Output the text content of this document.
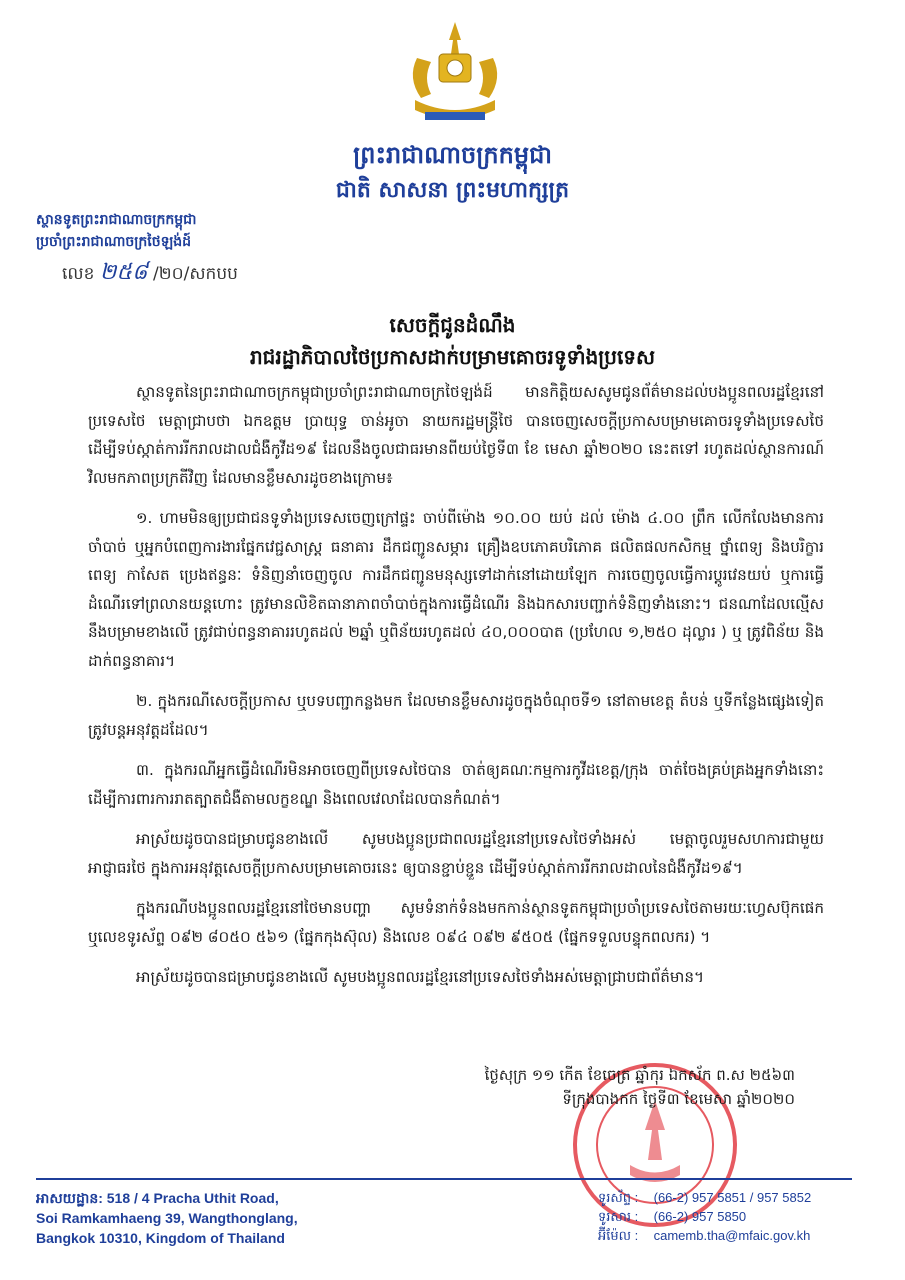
ព្រះរាជាណាចក្រកម្ពុជា
ជាតិ សាសនា ព្រះមហាក្សត្រ
ស្ថានទូតព្រះរាជាណាចក្រកម្ពុជា
ប្រចាំព្រះរាជាណាចក្រថៃឡង់ដ៍
លេខ ២៥៨ /២០/សកបប
សេចក្តីជូនដំណឹង
រាជរដ្ឋាភិបាលថៃប្រកាសដាក់បម្រាមគោចរទូទាំងប្រទេស

ស្ថានទូតនៃព្រះរាជាណាចក្រកម្ពុជាប្រចាំព្រះរាជាណាចក្រថៃឡង់ដ៍ មានកិត្តិយសសូមជូនព័ត៌មានដល់បងប្អូនពលរដ្ឋខ្មែរនៅប្រទេសថៃ មេត្តាជ្រាបថា ឯកឧត្តម ប្រាយុទ្ធ ចាន់អូចា នាយករដ្ឋមន្ត្រីថៃ បានចេញសេចក្តីប្រកាសបម្រាមគោចរទូទាំងប្រទេសថៃ ដើម្បីទប់ស្កាត់ការរីករាលដាលជំងឺកូវីដ១៩ ដែលនឹងចូលជាធរមានពីយប់ថ្ងៃទី៣ ខែ មេសា ឆ្នាំ២០២០ នេះតទៅ រហូតដល់ស្ថានការណ៍វិលមកភាពប្រក្រតីវិញ ដែលមានខ្លឹមសារដូចខាងក្រោម៖

១. ហាមមិនឲ្យប្រជាជនទូទាំងប្រទេសចេញក្រៅផ្ទះ ចាប់ពីម៉ោង ១០.០០ យប់ ដល់ ម៉ោង ៤.០០ ព្រឹក លើកលែងមានការចាំបាច់ ឬអ្នកបំពេញការងារផ្នែកវេជ្ជសាស្ត្រ ធនាគារ ដឹកជញ្ជូនសម្ភារ គ្រឿងឧបភោគបរិភោគ ផលិតផលកសិកម្ម ថ្នាំពេទ្យ និងបរិក្ខារពេទ្យ កាសែត ប្រេងឥន្ធនៈ ទំនិញនាំចេញចូល ការដឹកជញ្ជូនមនុស្សទៅដាក់នៅដោយឡែក ការចេញចូលធ្វើការប្តូរវេនយប់ ឬការធ្វើដំណើរទៅព្រលានយន្តហោះ ត្រូវមានលិខិតធានាភាពចាំបាច់ក្នុងការធ្វើដំណើរ និងឯកសារបញ្ជាក់ទំនិញទាំងនោះ។ ជនណាដែលល្មើសនឹងបម្រាមខាងលើ ត្រូវជាប់ពន្ធនាគាររហូតដល់ ២ឆ្នាំ ឬពិន័យរហូតដល់ ៤០,០០០បាត (ប្រហែល ១,២៥០ ដុល្លារ ) ឬ ត្រូវពិន័យ និងដាក់ពន្ធនាគារ។

២. ក្នុងករណីសេចក្តីប្រកាស ឬបទបញ្ជាកន្លងមក ដែលមានខ្លឹមសារដូចក្នុងចំណុចទី១ នៅតាមខេត្ត តំបន់ ឬទីកន្លែងផ្សេងទៀត ត្រូវបន្តអនុវត្តដដែល។

៣. ក្នុងករណីអ្នកធ្វើដំណើរមិនអាចចេញពីប្រទេសថៃបាន ចាត់ឲ្យគណៈកម្មការកូវីដខេត្ត/ក្រុង ចាត់ចែងគ្រប់គ្រងអ្នកទាំងនោះ ដើម្បីការពារការរាតត្បាតជំងឺតាមលក្ខខណ្ឌ និងពេលវេលាដែលបានកំណត់។

អាស្រ័យដូចបានជម្រាបជូនខាងលើ សូមបងប្អូនប្រជាពលរដ្ឋខ្មែរនៅប្រទេសថៃទាំងអស់ មេត្តាចូលរួមសហការជាមួយអាជ្ញាធរថៃ ក្នុងការអនុវត្តសេចក្តីប្រកាសបម្រាមគោចរនេះ ឲ្យបានខ្ជាប់ខ្ជួន ដើម្បីទប់ស្កាត់ការរីករាលដាលនៃជំងឺកូវីដ១៩។

ក្នុងករណីបងប្អូនពលរដ្ឋខ្មែរនៅថៃមានបញ្ហា សូមទំនាក់ទំនងមកកាន់ស្ថានទូតកម្ពុជាប្រចាំប្រទេសថៃតាមរយៈហ្វេសប៊ុកផេក ឬលេខទូរស័ព្ទ ០៩២ ៨០៥០ ៥៦១ (ផ្នែកកុងស៊ុល) និងលេខ ០៩៤ ០៩២ ៩៥០៥ (ផ្នែកទទួលបន្ទុកពលករ) ។

អាស្រ័យដូចបានជម្រាបជូនខាងលើ សូមបងប្អូនពលរដ្ឋខ្មែរនៅប្រទេសថៃទាំងអស់មេត្តាជ្រាបជាព័ត៌មាន។

ថ្ងៃសុក្រ ១១ កើត ខែចេត្រ ឆ្នាំកុរ ឯកស័ក ព.ស ២៥៦៣
ទីក្រុងបាងកក ថ្ងៃទី៣ ខែមេសា ឆ្នាំ២០២០
អាសយដ្ឋាន: 518 / 4 Pracha Uthit Road,
Soi Ramkamhaeng 39, Wangthonglang,
Bangkok 10310, Kingdom of Thailand
ទូរស័ព្ទ : (66-2) 957 5851 / 957 5852
ទូរសារ : (66-2) 957 5850
អ៊ីម៉ែល : camemb.tha@mfaic.gov.kh
